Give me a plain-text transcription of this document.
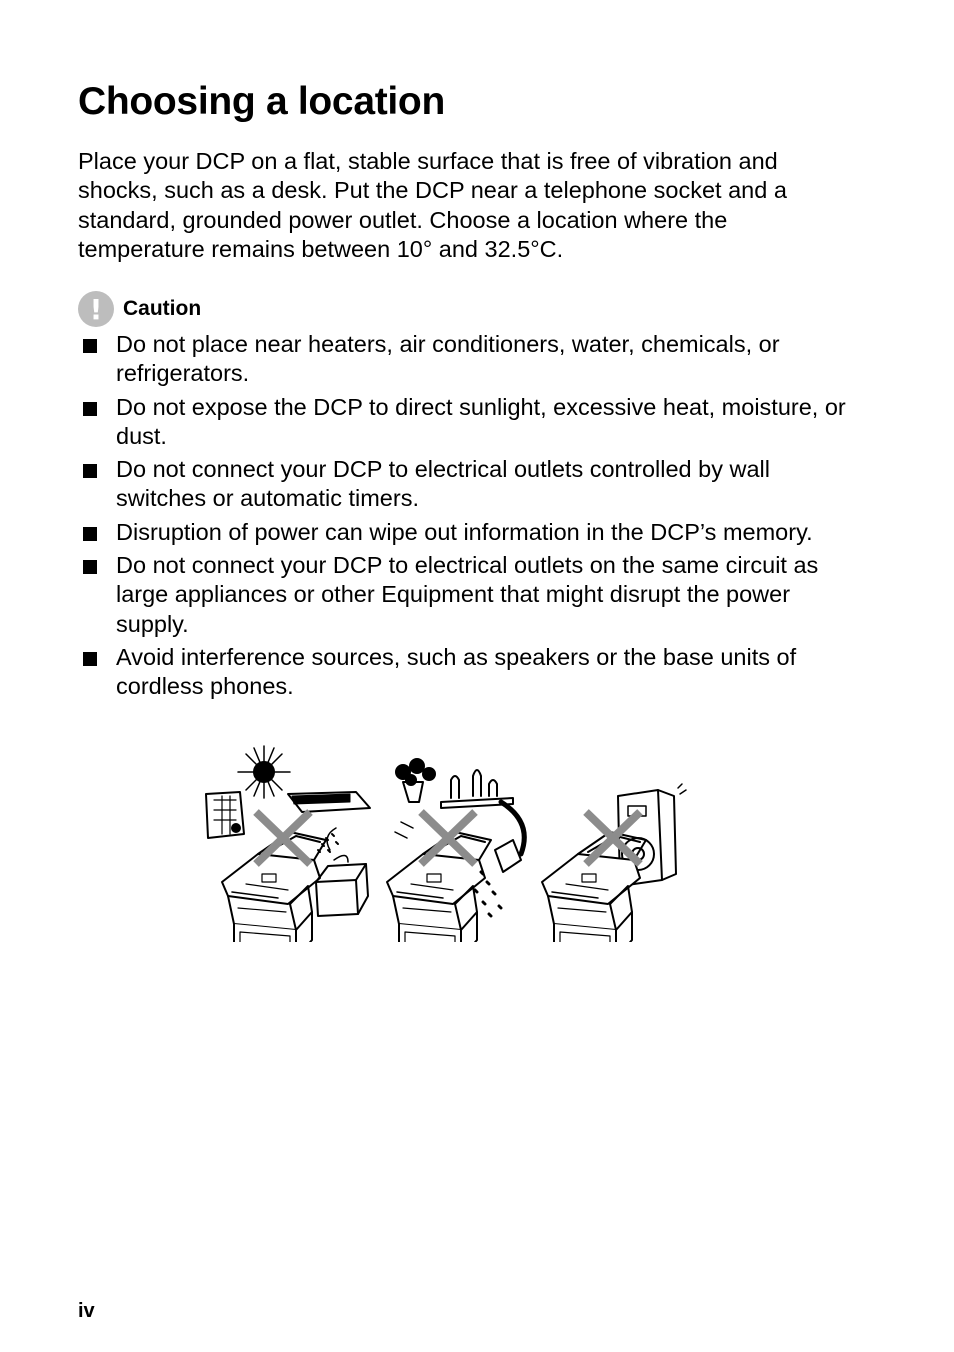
Choosing a location

Place your DCP on a flat, stable surface that is free of vibration and shocks, such as a desk. Put the DCP near a telephone socket and a standard, grounded power outlet. Choose a location where the temperature remains between 10° and 32.5°C.

! Caution
Do not place near heaters, air conditioners, water, chemicals, or refrigerators.
Do not expose the DCP to direct sunlight, excessive heat, moisture, or dust.
Do not connect your DCP to electrical outlets controlled by wall switches or automatic timers.
Disruption of power can wipe out information in the DCP’s memory.
Do not connect your DCP to electrical outlets on the same circuit as large appliances or other Equipment that might disrupt the power supply.
Avoid interference sources, such as speakers or the base units of cordless phones.
iv
